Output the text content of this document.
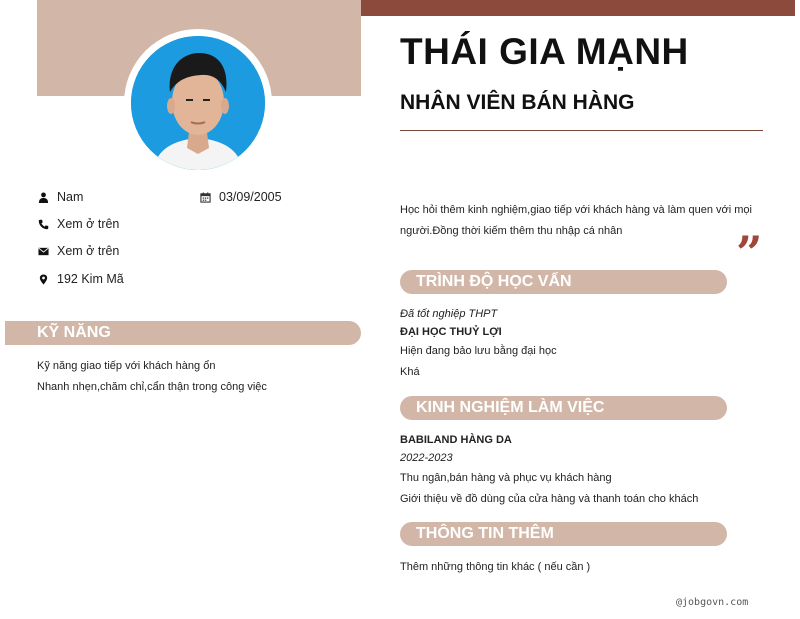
THÁI GIA MẠNH
NHÂN VIÊN BÁN HÀNG
Nam	03/09/2005
Xem ở trên
Xem ở trên
192 Kim Mã
KỸ NĂNG
Kỹ năng giao tiếp với khách hàng ổn
Nhanh nhẹn,chăm chỉ,cẩn thận trong công việc
Học hỏi thêm kinh nghiệm,giao tiếp với khách hàng và làm quen với mọi người.Đồng thời kiếm thêm thu nhập cá nhân	”
TRÌNH ĐỘ HỌC VẤN
Đã tốt nghiệp THPT
ĐẠI HỌC THUỶ LỢI
Hiện đang bảo lưu bằng đại học
Khá
KINH NGHIỆM LÀM VIỆC
BABILAND HÀNG DA
2022-2023
Thu ngân,bán hàng và phục vụ khách hàng
Giới thiệu về đồ dùng của cửa hàng và thanh toán cho khách
THÔNG TIN THÊM
Thêm những thông tin khác ( nếu cần )
@jobgovn.com
